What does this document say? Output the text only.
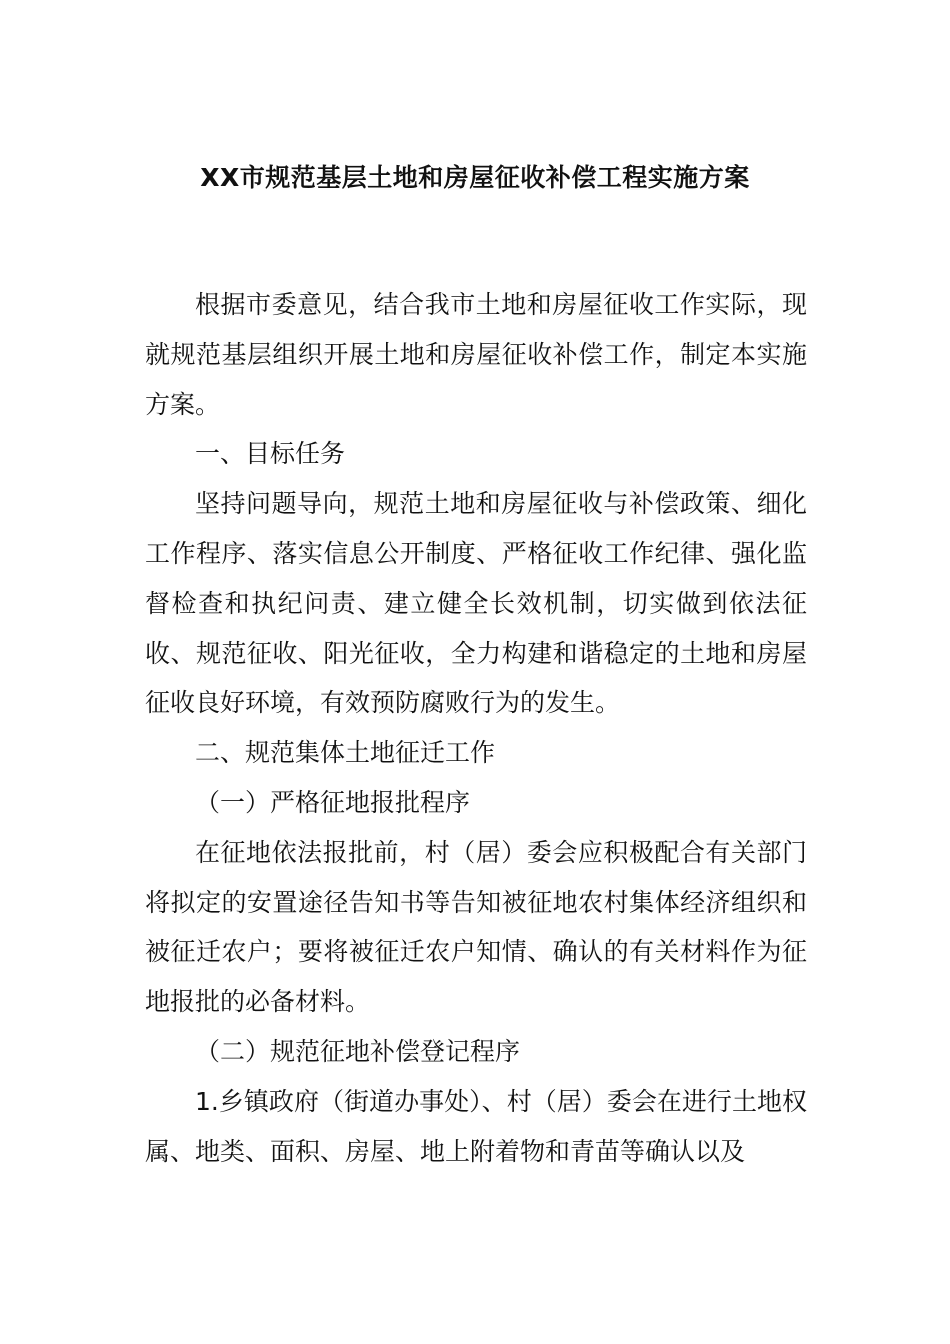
XX市规范基层土地和房屋征收补偿工程实施方案

根据市委意见，结合我市土地和房屋征收工作实际，现就规范基层组织开展土地和房屋征收补偿工作，制定本实施方案。

一、目标任务

坚持问题导向，规范土地和房屋征收与补偿政策、细化工作程序、落实信息公开制度、严格征收工作纪律、强化监督检查和执纪问责、建立健全长效机制，切实做到依法征收、规范征收、阳光征收，全力构建和谐稳定的土地和房屋征收良好环境，有效预防腐败行为的发生。

二、规范集体土地征迁工作

（一）严格征地报批程序

在征地依法报批前，村（居）委会应积极配合有关部门将拟定的安置途径告知书等告知被征地农村集体经济组织和被征迁农户；要将被征迁农户知情、确认的有关材料作为征地报批的必备材料。

（二）规范征地补偿登记程序

1.乡镇政府（街道办事处）、村（居）委会在进行土地权属、地类、面积、房屋、地上附着物和青苗等确认以及
